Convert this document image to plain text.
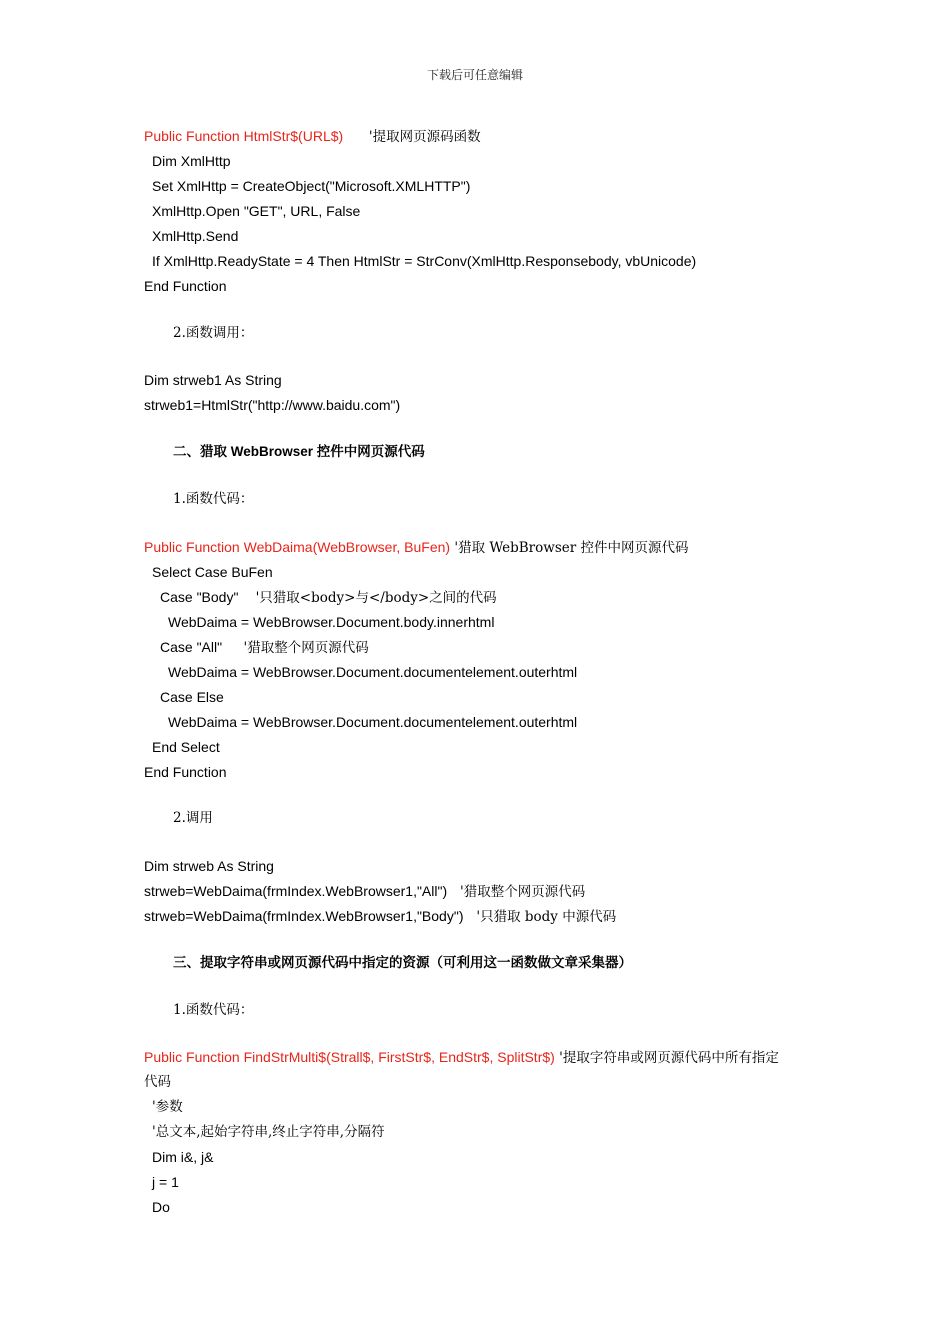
下载后可任意编辑
Public Function HtmlStr$(URL$)      '提取网页源码函数
Dim XmlHttp
Set XmlHttp = CreateObject("Microsoft.XMLHTTP")
XmlHttp.Open "GET", URL, False
XmlHttp.Send
If XmlHttp.ReadyState = 4 Then HtmlStr = StrConv(XmlHttp.Responsebody, vbUnicode)
End Function
2.函数调用：
Dim strweb1 As String
strweb1=HtmlStr("http://www.baidu.com")
二、猎取 WebBrowser 控件中网页源代码
1.函数代码：
Public Function WebDaima(WebBrowser, BuFen) '猎取 WebBrowser 控件中网页源代码
Select Case BuFen
Case "Body"    '只猎取<body>与</body>之间的代码
WebDaima = WebBrowser.Document.body.innerhtml
Case "All"     '猎取整个网页源代码
WebDaima = WebBrowser.Document.documentelement.outerhtml
Case Else
WebDaima = WebBrowser.Document.documentelement.outerhtml
End Select
End Function
2.调用
Dim strweb As String
strweb=WebDaima(frmIndex.WebBrowser1,"All")   '猎取整个网页源代码
strweb=WebDaima(frmIndex.WebBrowser1,"Body")   '只猎取 body 中源代码
三、提取字符串或网页源代码中指定的资源（可利用这一函数做文章采集器）
1.函数代码：
Public Function FindStrMulti$(Strall$, FirstStr$, EndStr$, SplitStr$) '提取字符串或网页源代码中所有指定
代码
'参数
'总文本,起始字符串,终止字符串,分隔符
Dim i&, j&
j = 1
Do
